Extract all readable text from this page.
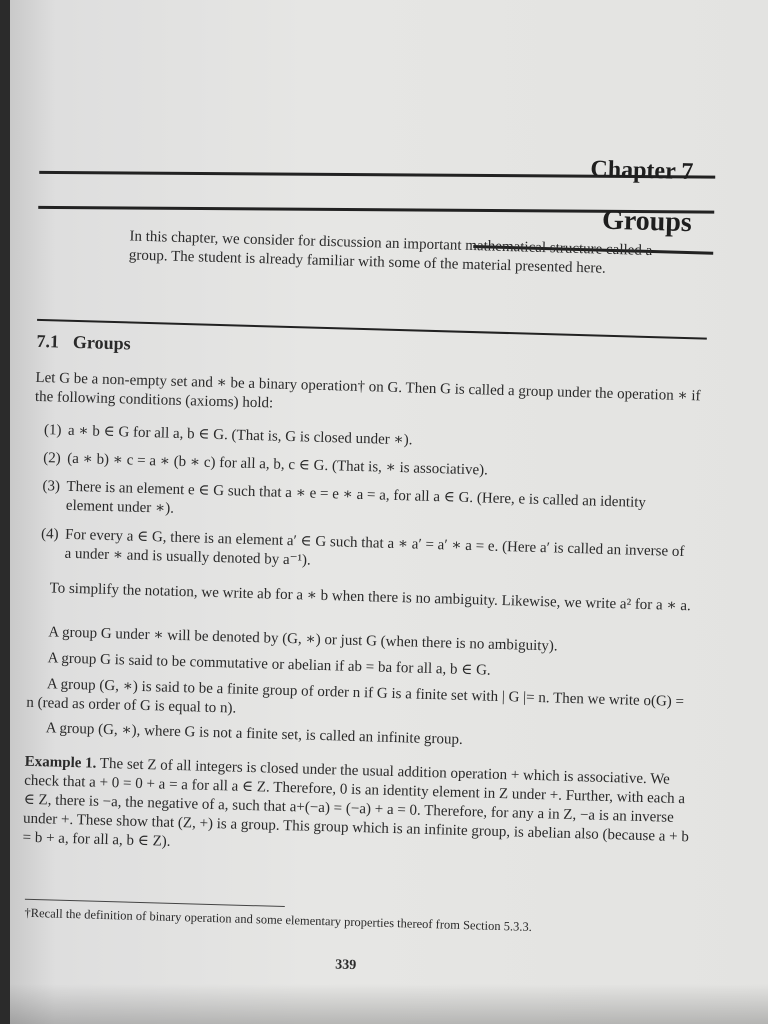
Chapter 7
Groups
In this chapter, we consider for discussion an important mathematical structure called a group. The student is already familiar with some of the material presented here.
7.1 Groups
Let G be a non-empty set and ∗ be a binary operation† on G. Then G is called a group under the operation ∗ if the following conditions (axioms) hold:
(1) a ∗ b ∈ G for all a, b ∈ G. (That is, G is closed under ∗).
(2) (a ∗ b) ∗ c = a ∗ (b ∗ c) for all a, b, c ∈ G. (That is, ∗ is associative).
(3) There is an element e ∈ G such that a ∗ e = e ∗ a = a, for all a ∈ G. (Here, e is called an identity element under ∗).
(4) For every a ∈ G, there is an element a′ ∈ G such that a ∗ a′ = a′ ∗ a = e. (Here a′ is called an inverse of a under ∗ and is usually denoted by a⁻¹).
To simplify the notation, we write ab for a ∗ b when there is no ambiguity. Likewise, we write a² for a ∗ a.
A group G under ∗ will be denoted by (G, ∗) or just G (when there is no ambiguity).
A group G is said to be commutative or abelian if ab = ba for all a, b ∈ G.
A group (G, ∗) is said to be a finite group of order n if G is a finite set with | G |= n. Then we write o(G) = n (read as order of G is equal to n).
A group (G, ∗), where G is not a finite set, is called an infinite group.
Example 1. The set Z of all integers is closed under the usual addition operation + which is associative. We check that a + 0 = 0 + a = a for all a ∈ Z. Therefore, 0 is an identity element in Z under +. Further, with each a ∈ Z, there is −a, the negative of a, such that a+(−a) = (−a) + a = 0. Therefore, for any a in Z, −a is an inverse under +. These show that (Z, +) is a group. This group which is an infinite group, is abelian also (because a + b = b + a, for all a, b ∈ Z).
†Recall the definition of binary operation and some elementary properties thereof from Section 5.3.3.
339
